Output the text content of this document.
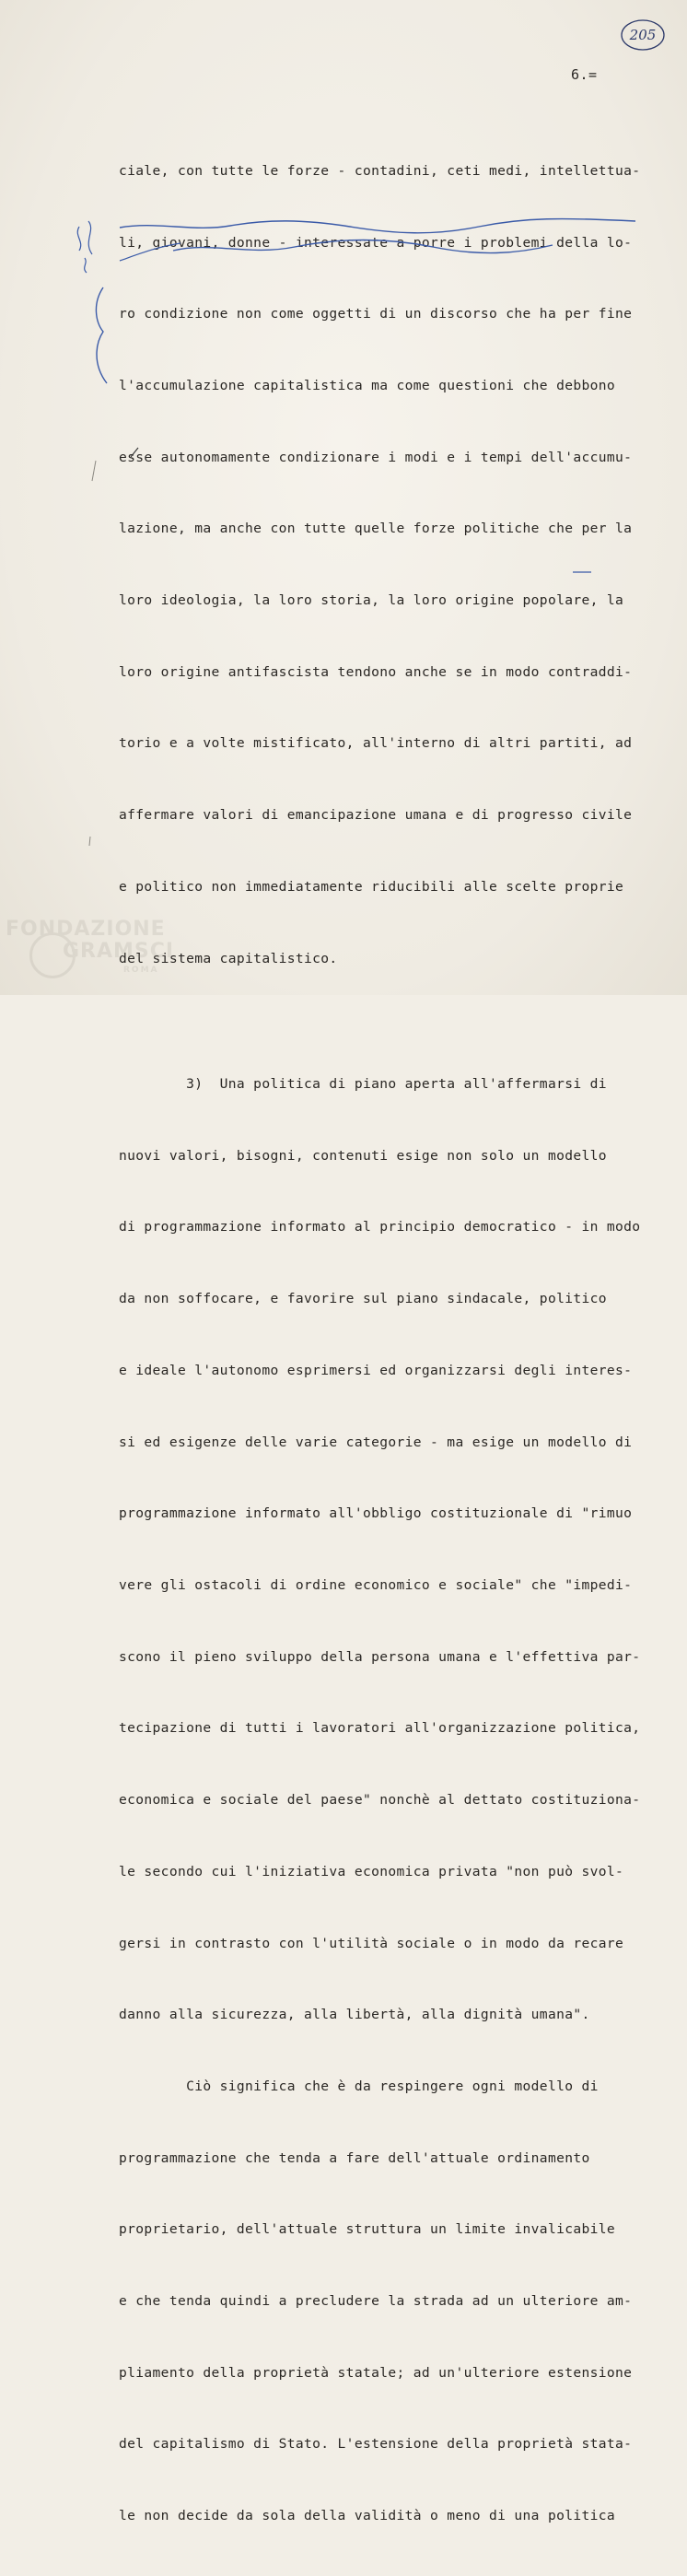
205
6.=

ciale, con tutte le forze - contadini, ceti medi, intellettua-

li, giovani, donne - interessate a porre i problemi della lo-

ro condizione non come oggetti di un discorso che ha per fine

l'accumulazione capitalistica ma come questioni che debbono

esse autonomamente condizionare i modi e i tempi dell'accumu-

lazione, ma anche con tutte quelle forze politiche che per la

loro ideologia, la loro storia, la loro origine popolare, la

loro origine antifascista tendono anche se in modo contraddi-

torio e a volte mistificato, all'interno di altri partiti, ad

affermare valori di emancipazione umana e di progresso civile

e politico non immediatamente riducibili alle scelte proprie

del sistema capitalistico.

3)  Una politica di piano aperta all'affermarsi di

nuovi valori, bisogni, contenuti esige non solo un modello

di programmazione informato al principio democratico - in modo

da non soffocare, e favorire sul piano sindacale, politico

e ideale l'autonomo esprimersi ed organizzarsi degli interes-

si ed esigenze delle varie categorie - ma esige un modello di

programmazione informato all'obbligo costituzionale di "rimuo

vere gli ostacoli di ordine economico e sociale" che "impedi-

scono il pieno sviluppo della persona umana e l'effettiva par-

tecipazione di tutti i lavoratori all'organizzazione politica,

economica e sociale del paese" nonchè al dettato costituziona-

le secondo cui l'iniziativa economica privata "non può svol-

gersi in contrasto con l'utilità sociale o in modo da recare

danno alla sicurezza, alla libertà, alla dignità umana".

Ciò significa che è da respingere ogni modello di

programmazione che tenda a fare dell'attuale ordinamento

proprietario, dell'attuale struttura un limite invalicabile

e che tenda quindi a precludere la strada ad un ulteriore am-

pliamento della proprietà statale; ad un'ulteriore estensione

del capitalismo di Stato. L'estensione della proprietà stata-

le non decide da sola della validità o meno di una politica

FONDAZIONE
GRAMSCI
ROMA
